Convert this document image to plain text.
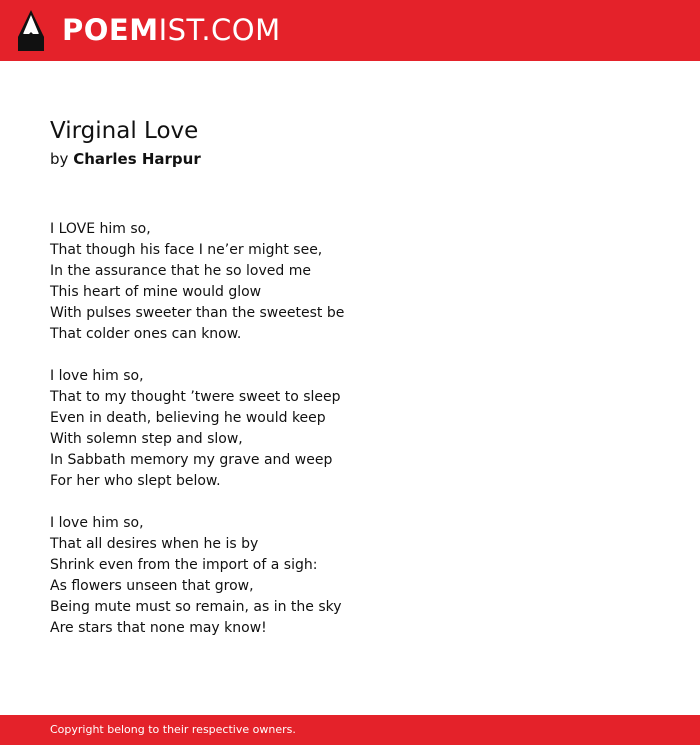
POEMIST.COM
Virginal Love
by Charles Harpur
I LOVE him so,
That though his face I ne’er might see,
In the assurance that he so loved me
This heart of mine would glow
With pulses sweeter than the sweetest be
That colder ones can know.
I love him so,
That to my thought ’twere sweet to sleep
Even in death, believing he would keep
With solemn step and slow,
In Sabbath memory my grave and weep
For her who slept below.
I love him so,
That all desires when he is by
Shrink even from the import of a sigh:
As flowers unseen that grow,
Being mute must so remain, as in the sky
Are stars that none may know!
Copyright belong to their respective owners.
